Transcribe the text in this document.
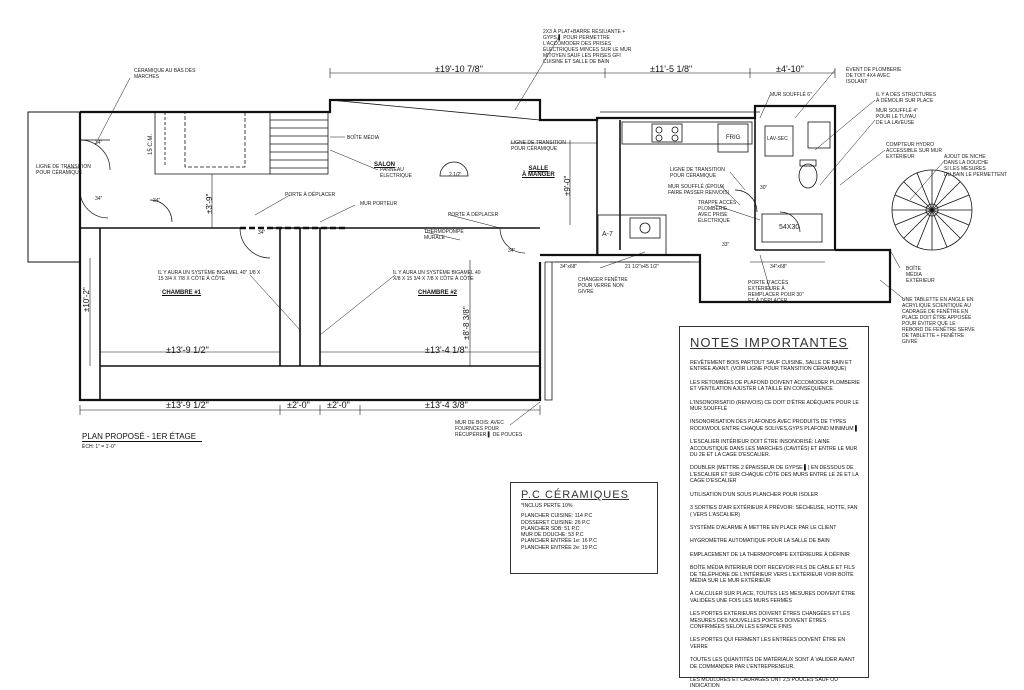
SALON
SALLE
À MANGER
CHAMBRE #1	CHAMBRE #2
FRIG	LAV-SEC
54X30
15 C.M.
±19'-10 7/8"	±11'-5 1/8"	±4'-10"
±3'-9"
±9'-0"
±10'-2"
±8'-8 3/8"
±13'-9 1/2"	±13'-4 1/8"
±13'-9 1/2"	±2'-0" ±2'-0"	±13'-4 3/8"
34"x68"	21 1/2"x45 1/2"	34"x68"
34"
34"	34"
34"
34"
30"
33"
A-7
2 1/2'
CÉRAMIQUE AU BAS DES
MARCHES
LIGNE DE TRANSITION
POUR CÉRAMIQUE
BOÎTE MÉDIA
PANNEAU
ÉLECTRIQUE
PORTE À DÉPLACER
MUR PORTEUR
PORTE À DÉPLACER
THERMOPOMPE
MURALE
2X3 À PLAT+BARRE RÉSILIANTE +
GYPS ▌ POUR PERMETTRE
L'ACCOMODER DES PRISES
ÉLECTRIQUES MINCES SUR LE MUR
MITOYEN SAUF LES PRISES GFI
CUISINE ET SALLE DE BAIN
LIGNE DE TRANSITION
POUR CÉRAMIQUE
MUR SOUFFLÉ 6"
ÉVENT DE PLOMBERIE
DE TOIT 4X4 AVEC
ISOLANT
IL Y A DES STRUCTURES
À DÉMOLIR SUR PLACE
MUR SOUFFLÉ 4"
POUR LE TUYAU
DE LA LAVEUSE
LIGNE DE TRANSITION
POUR CÉRAMIQUE
MUR SOUFFLÉ (ÉPOUX
FAIRE PASSER RENVOIS)
TRAPPE ACCÈS
PLOMBERIE
AVEC PRISE
ÉLECTRIQUE
COMPTEUR HYDRO
ACCESSIBLE SUR MUR
EXTÉRIEUR	AJOUT DE NICHE
DANS LA DOUCHE
SI LES MESURES
DU BAIN LE PERMETTENT
BOÎTE
MÉDIA
EXTÉRIEUR
IL Y AURA UN SYSTÈME BIGAMEL 40" 1/8 X
15 3/4 X 7/8 X CÔTE À CÔTE
IL Y AURA UN SYSTÈME BIGAMEL 40
X/8 X 15 3/4 X 7/8 X CÔTE À CÔTE	CHANGER FENÊTRE
POUR VERRE NON
GIVRÉ
PORTE D'ACCÈS
EXTÉRIEURE À
REMPLACER POUR 30"
ET À DÉPLACER	UNE TABLETTE EN ANGLE EN
ACRYLIQUE SCIENTIQUE AU
CADRAGE DE FENÊTRE EN
PLACE DOIT ÊTRE APPOSÉE
POUR ÉVITER QUE LE
REBORD DE FENÊTRE SERVE
DE TABLETTE + FENÊTRE
GIVRÉ
MUR DE BOIS: AVEC
FOURNCES POUR
RÉCUPÉRER ▌ DE POUCES
PLAN PROPOSÉ - 1ER ÉTAGE
ÉCH: 1" = 1'-0"
P.C CÉRAMIQUES

*INCLUS PERTE 10%

PLANCHER CUISINE: 114 P.C

DOSSERET CUISINE: 26 P.C

PLANCHER SDB: 51 P.C

MUR DE DOUCHE: 53 P.C

PLANCHER ENTRÉE 1e: 16 P.C

PLANCHER ENTRÉE 2e: 19 P.C

NOTES IMPORTANTES

REVÊTEMENT BOIS PARTOUT SAUF CUISINE, SALLE DE BAIN ET ENTRÉE AVANT. (VOIR LIGNE POUR TRANSITION CÉRAMIQUE)

LES RETOMBÉES DE PLAFOND DOIVENT ACCOMODER PLOMBERIE ET VENTILATION AJUSTER LA TAILLE EN CONSÉQUENCE

L'INSONORISATIO (RENVOIS) CE DOIT D'ÊTRE ADÉQUATE POUR LE MUR SOUFFLÉ

INSONORISATION DES PLAFONDS AVEC PRODUITS DE TYPES ROCKWOOL ENTRE CHAQUE SOLIVES,GYPS PLAFOND MINIMUM ▌

L'ESCALIER INTÉRIEUR DOIT ÊTRE INSONORISÉ: LAINE ACCOUSTIQUE DANS LES MARCHES (CAVITÉS) ET ENTRE LE MUR DU 2E ET LA CAGE D'ESCALIER.

DOUBLER (METTRE 2 ÉPAISSEUR DE GYPSE ▌) EN DESSOUS DE L'ESCALIER ET SUR CHAQUE CÔTÉ DES MURS ENTRE LE 2E ET LA CAGE D'ESCALIER

UTILISATION D'UN SOUS PLANCHER POUR ISOLER

3 SORTIES D'AIR EXTÉRIEUR À PRÉVOIR: SÉCHEUSE, HOTTE, FAN ( VERS L'ASCALIER)

SYSTÈME D'ALARME À METTRE EN PLACE PAR LE CLIENT

HYGROMÈTRE AUTOMATIQUE POUR LA SALLE DE BAIN

EMPLACEMENT DE LA THERMOPOMPE EXTÉRIEURE À DÉFINIR

BOÎTE MÉDIA INTÉRIEUR DOIT RECEVOIR FILS DE CÂBLE ET FILS DE TÉLÉPHONE DE L'INTÉRIEUR VERS L'EXTÉRIEUR VOIR BOÎTE MÉDIA SUR LE MUR EXTÉRIEUR

À CALCULER SUR PLACE, TOUTES LES MESURES DOIVENT ÊTRE VALIDÉES UNE FOIS LES MURS FERMÉS

LES PORTES EXTÉRIEURS DOIVENT ÊTRES CHANGÉES ET LES MESURES DES NOUVELLES PORTES DOIVENT ÊTRES CONFIRMÉES SELON LES ESPACE FINIS

LES PORTES QUI FERMENT LES ENTRÉES DOIVENT ÊTRE EN VERRE

TOUTES LES QUANTITÉS DE MATÉRIAUX SONT À VALIDER AVANT DE COMMANDER PAR L'ENTREPRENEUR.

LES MOULURES ET CADRAGES ONT 2,5 POUCES SAUF OU INDICATION
